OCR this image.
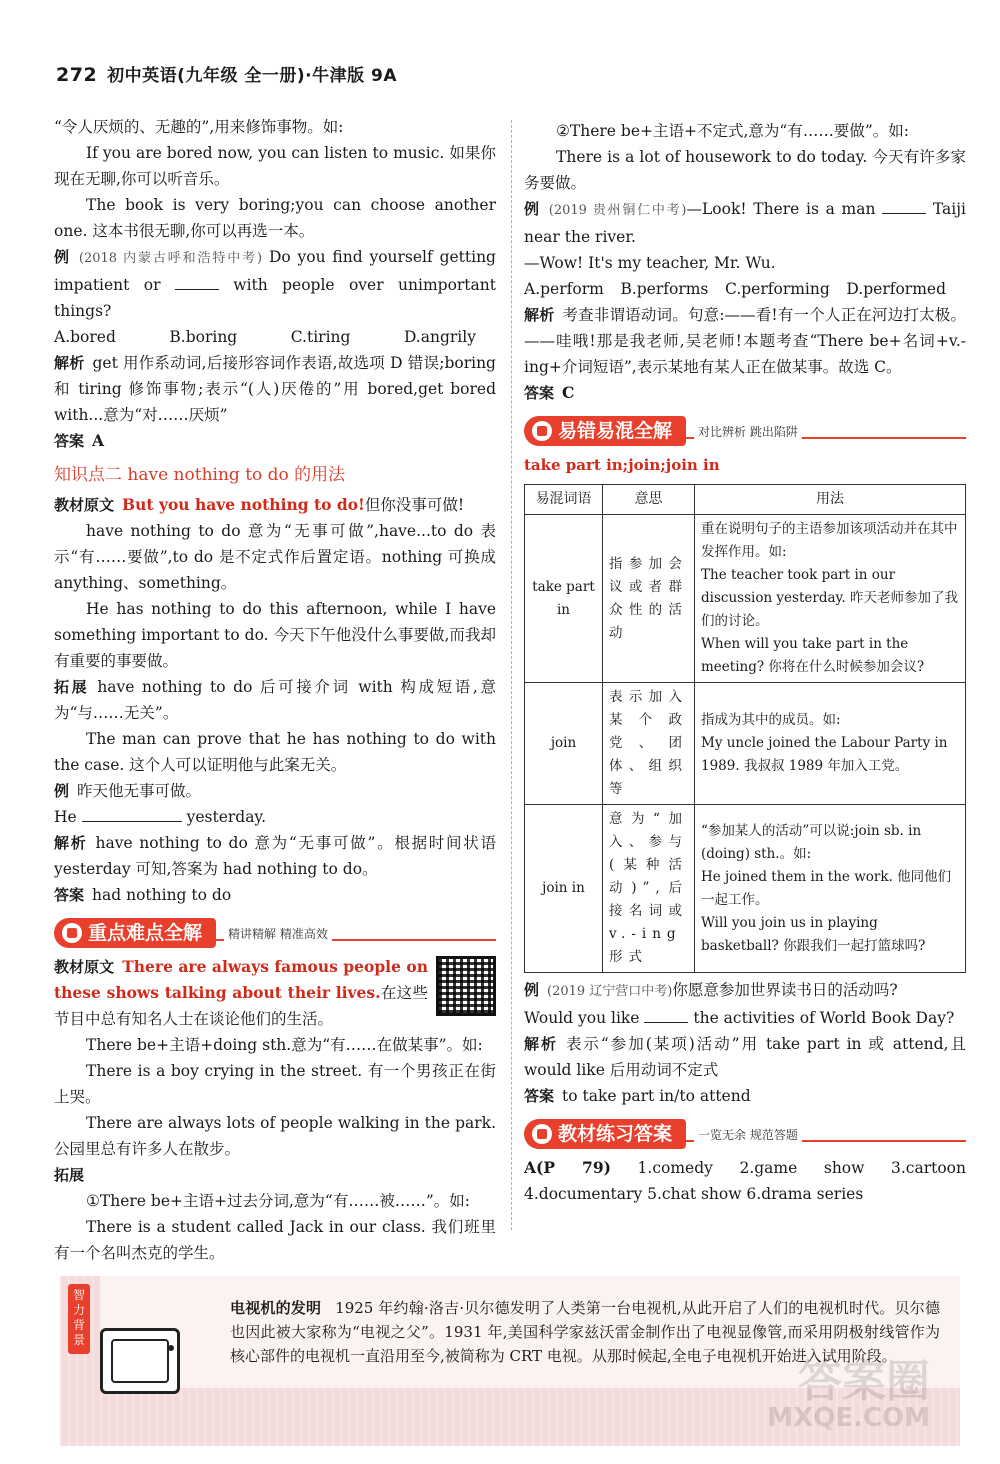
272 初中英语(九年级 全一册)·牛津版 9A

“令人厌烦的、无趣的”,用来修饰事物。如:

If you are bored now, you can listen to music. 如果你现在无聊,你可以听音乐。

The book is very boring;you can choose another one. 这本书很无聊,你可以再选一本。

例 (2018 内蒙古呼和浩特中考) Do you find yourself getting impatient or	with people over unimportant things?

A.bored	B.boring	C.tiring	D.angrily

解析 get 用作系动词,后接形容词作表语,故选项 D 错误;boring 和 tiring 修饰事物;表示“(人)厌倦的”用 bored,get bored with...意为“对……厌烦”

答案 A

知识点二 have nothing to do 的用法

教材原文 But you have nothing to do!但你没事可做!

have nothing to do 意为“无事可做”,have...to do 表示“有……要做”,to do 是不定式作后置定语。nothing 可换成 anything、something。

He has nothing to do this afternoon, while I have something important to do. 今天下午他没什么事要做,而我却有重要的事要做。

拓展 have nothing to do 后可接介词 with 构成短语,意为“与……无关”。

The man can prove that he has nothing to do with the case. 这个人可以证明他与此案无关。

例 昨天他无事可做。

He	yesterday.

解析 have nothing to do 意为“无事可做”。根据时间状语 yesterday 可知,答案为 had nothing to do。

答案 had nothing to do

重点难点全解	精讲精解 精准高效

教材原文 There are always famous people on these shows talking about their lives.在这些节目中总有知名人士在谈论他们的生活。

There be+主语+doing sth.意为“有……在做某事”。如:

There is a boy crying in the street. 有一个男孩正在街上哭。

There are always lots of people walking in the park. 公园里总有许多人在散步。

拓展

①There be+主语+过去分词,意为“有……被……”。如:

There is a student called Jack in our class. 我们班里有一个名叫杰克的学生。

②There be+主语+不定式,意为“有……要做”。如:

There is a lot of housework to do today. 今天有许多家务要做。

例 (2019 贵州铜仁中考)—Look! There is a man	Taiji near the river.

—Wow! It's my teacher, Mr. Wu.

A.perform B.performs C.performing D.performed

解析 考查非谓语动词。句意:——看!有一个人正在河边打太极。——哇哦!那是我老师,吴老师!本题考查“There be+名词+v.-ing+介词短语”,表示某地有某人正在做某事。故选 C。

答案 C

易错易混全解	对比辨析 跳出陷阱
take part in;join;join in
易混词语	意思	用法
take part in	指参加会议或者群众性的活动	重在说明句子的主语参加该项活动并在其中发挥作用。如:
The teacher took part in our discussion yesterday. 昨天老师参加了我们的讨论。
When will you take part in the meeting? 你将在什么时候参加会议?

join	表示加入某个政党、团体、组织等	指成为其中的成员。如:
My uncle joined the Labour Party in 1989. 我叔叔 1989 年加入工党。

join in	意为“加入、参与(某种活动)”,后接名词或 v.-ing 形式	“参加某人的活动”可以说:join sb. in (doing) sth.。如:
He joined them in the work. 他同他们一起工作。
Will you join us in playing basketball? 你跟我们一起打篮球吗?

例 (2019 辽宁营口中考)你愿意参加世界读书日的活动吗?

Would you like	the activities of World Book Day?

解析 表示“参加(某项)活动”用 take part in 或 attend,且 would like 后用动词不定式

答案 to take part in/to attend

教材练习答案	一览无余 规范答题

A(P 79) 1.comedy 2.game show 3.cartoon 4.documentary 5.chat show 6.drama series

智力背景
电视机的发明 1925 年约翰·洛吉·贝尔德发明了人类第一台电视机,从此开启了人们的电视机时代。贝尔德也因此被大家称为“电视之父”。1931 年,美国科学家兹沃雷金制作出了电视显像管,而采用阴极射线管作为核心部件的电视机一直沿用至今,被简称为 CRT 电视。从那时候起,全电子电视机开始进入试用阶段。
答案圈
MXQE.COM
